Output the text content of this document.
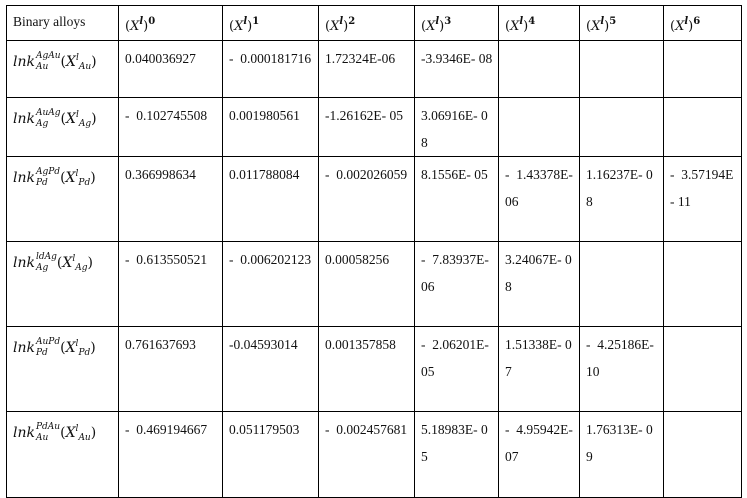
Binary alloys	$(X^l)^0$	$(X^l)^1$	$(X^l)^2$	$(X^l)^3$	$(X^l)^4$	$(X^l)^5$	$(X^l)^6$
lnk AgAu
Au $(X^l_{Au})$	0.040036927	-  0.000181716	1.72324E-06	-3.9346E- 08			
lnk AuAg
Ag $(X^l_{Ag})$	-  0.102745508	0.001980561	-1.26162E- 05	3.06916E- 08			
lnk AgPd
Pd $(X^l_{Pd})$	0.366998634	0.011788084	-  0.002026059	8.1556E- 05	-  1.43378E- 06	1.16237E- 08	-  3.57194E- 11
lnk ldAg
Ag $(X^l_{Ag})$	-  0.613550521	-  0.006202123	0.00058256	-  7.83937E- 06	3.24067E- 08		
lnk AuPd
Pd $(X^l_{Pd})$	0.761637693	-0.04593014	0.001357858	-  2.06201E- 05	1.51338E- 07	-  4.25186E- 10	
lnk PdAu
Au $(X^l_{Au})$	-  0.469194667	0.051179503	-  0.002457681	5.18983E- 05	-  4.95942E- 07	1.76313E- 09	
